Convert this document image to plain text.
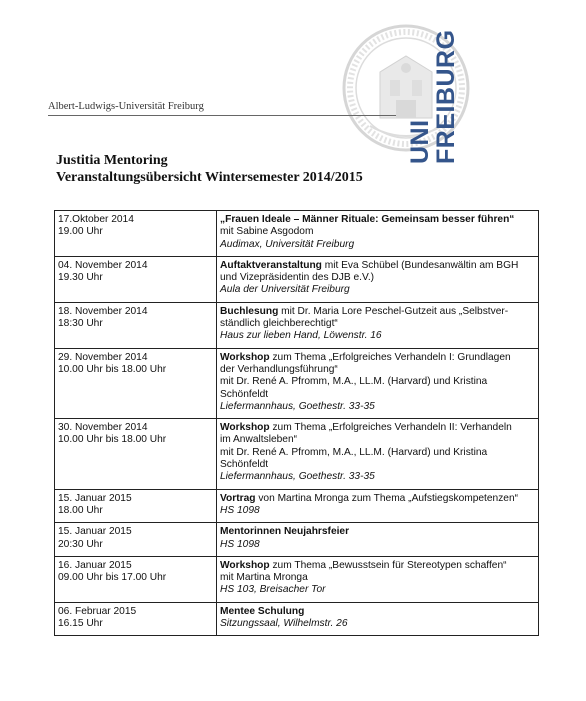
UNI
FREIBURG
Albert-Ludwigs-Universität Freiburg
Justitia Mentoring
Veranstaltungsübersicht Wintersemester 2014/2015
17.Oktober 2014
19.00 Uhr	„Frauen Ideale – Männer Rituale: Gemeinsam besser führen“
mit Sabine Asgodom
Audimax, Universität Freiburg

04. November 2014
19.30 Uhr	Auftaktveranstaltung mit Eva Schübel (Bundesanwältin am BGH
und Vizepräsidentin des DJB e.V.)
Aula der Universität Freiburg

18. November 2014
18:30 Uhr	Buchlesung mit Dr. Maria Lore Peschel-Gutzeit aus „Selbstver-
ständlich gleichberechtigt“
Haus zur lieben Hand, Löwenstr. 16

29. November 2014
10.00 Uhr bis 18.00 Uhr	Workshop zum Thema „Erfolgreiches Verhandeln I: Grundlagen
der Verhandlungsführung“
mit Dr. René A. Pfromm, M.A., LL.M. (Harvard) und Kristina
Schönfeldt
Liefermannhaus, Goethestr. 33-35

30. November 2014
10.00 Uhr bis 18.00 Uhr	Workshop zum Thema „Erfolgreiches Verhandeln II: Verhandeln
im Anwaltsleben“
mit Dr. René A. Pfromm, M.A., LL.M. (Harvard) und Kristina
Schönfeldt
Liefermannhaus, Goethestr. 33-35

15. Januar 2015
18.00 Uhr	Vortrag von Martina Mronga zum Thema „Aufstiegskompetenzen“
HS 1098

15. Januar 2015
20:30 Uhr	Mentorinnen Neujahrsfeier
HS 1098

16. Januar 2015
09.00 Uhr bis 17.00 Uhr	Workshop zum Thema „Bewusstsein für Stereotypen schaffen“
mit Martina Mronga
HS 103, Breisacher Tor

06. Februar 2015
16.15 Uhr	Mentee Schulung
Sitzungssaal, Wilhelmstr. 26
